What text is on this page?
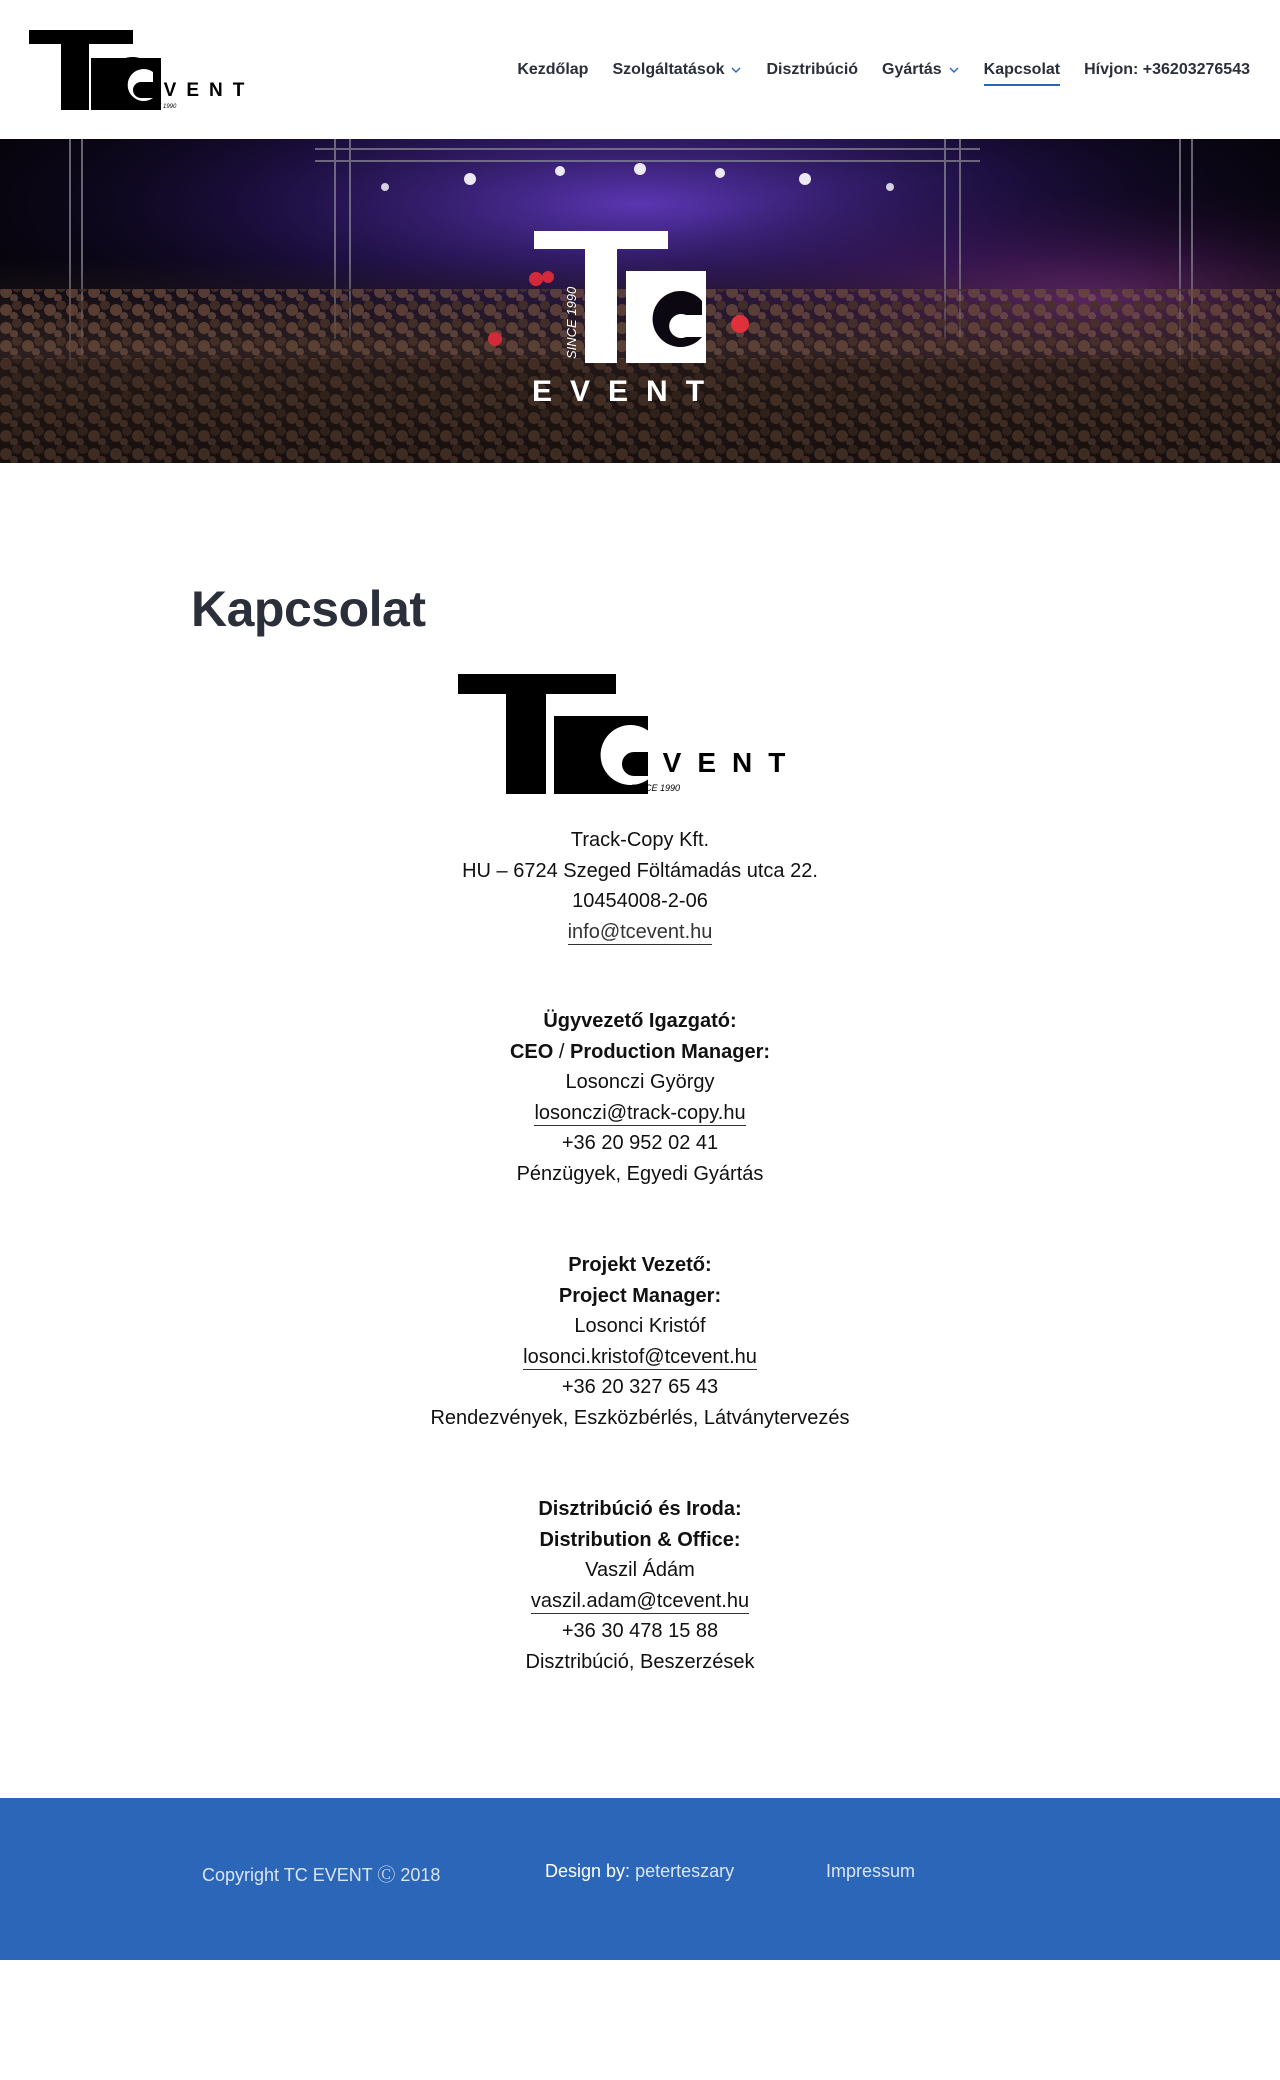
EVENT
SINCE 1990
Kezdőlap Szolgáltatások	Disztribúció Gyártás	Kapcsolat Hívjon: +36203276543
SINCE 1990
EVENT
Kapcsolat
EVENT
SINCE 1990
Track-Copy Kft.
HU – 6724 Szeged Föltámadás utca 22.
10454008-2-06
info@tcevent.hu
Ügyvezető Igazgató:
CEO / Production Manager:
Losonczi György
losonczi@track-copy.hu
+36 20 952 02 41
Pénzügyek, Egyedi Gyártás
Projekt Vezető:
Project Manager:
Losonci Kristóf
losonci.kristof@tcevent.hu
+36 20 327 65 43
Rendezvények, Eszközbérlés, Látványtervezés
Disztribúció és Iroda:
Distribution & Office:
Vaszil Ádám
vaszil.adam@tcevent.hu
+36 30 478 15 88
Disztribúció, Beszerzések
Copyright TC EVENT Ⓒ 2018	Design by: peterteszary	Impressum
